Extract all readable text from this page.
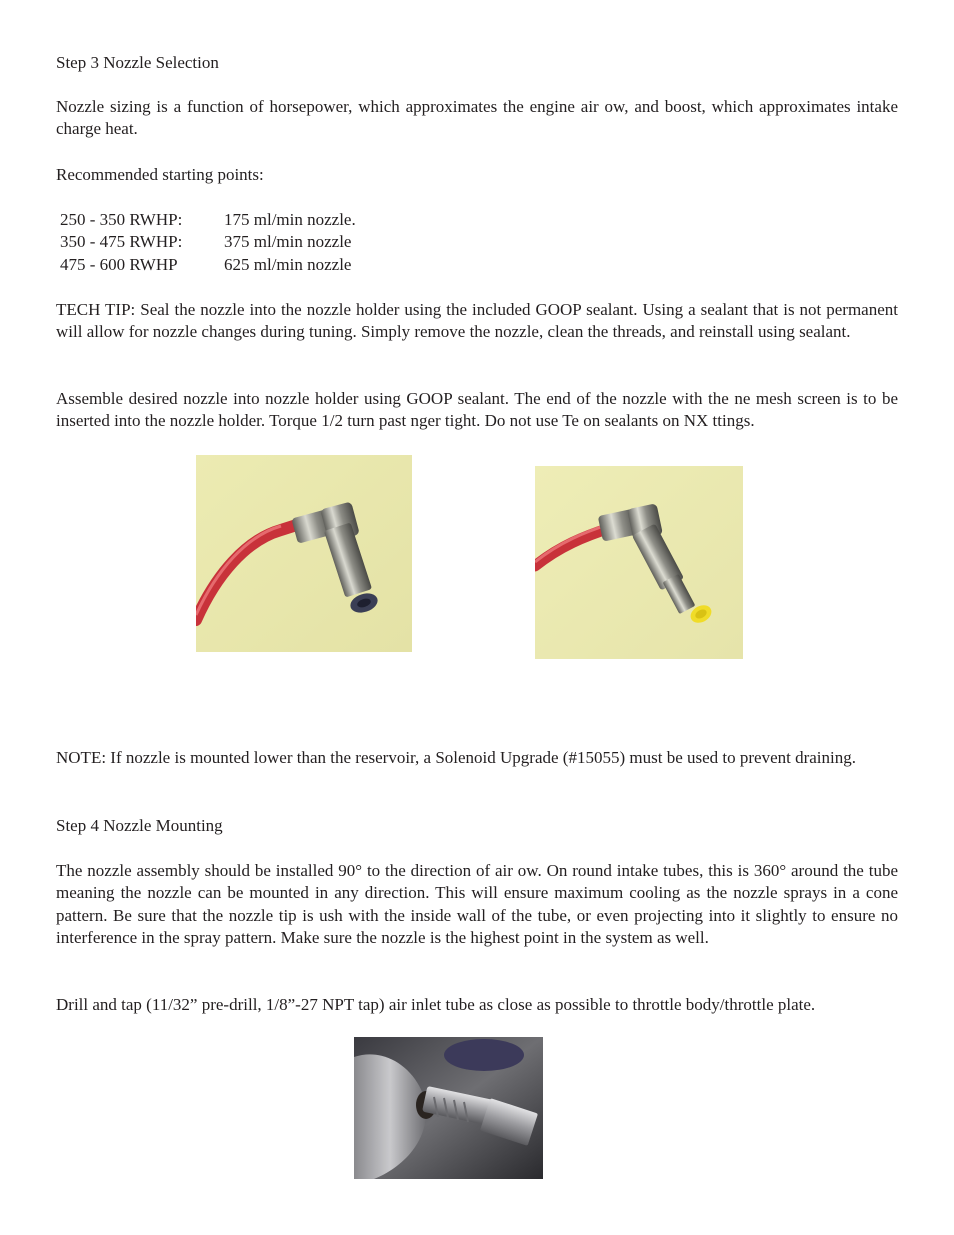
Step 3 Nozzle Selection

Nozzle sizing is a function of horsepower, which approximates the engine air ow, and boost, which approximates intake charge heat.

Recommended starting points:

250 - 350 RWHP: 175 ml/min nozzle.
350 - 475 RWHP: 375 ml/min nozzle
475 - 600 RWHP	625 ml/min nozzle

TECH TIP: Seal the nozzle into the nozzle holder using the included GOOP sealant. Using a sealant that is not permanent will allow for nozzle changes during tuning. Simply remove the nozzle, clean the threads, and reinstall using sealant.

Assemble desired nozzle into nozzle holder using GOOP sealant. The end of the nozzle with the ne mesh screen is to be inserted into the nozzle holder. Torque 1/2 turn past nger tight. Do not use Te on sealants on NX ttings.

NOTE: If nozzle is mounted lower than the reservoir, a Solenoid Upgrade (#15055) must be used to prevent draining.

Step 4 Nozzle Mounting

The nozzle assembly should be installed 90° to the direction of air ow. On round intake tubes, this is 360° around the tube meaning the nozzle can be mounted in any direction. This will ensure maximum cooling as the nozzle sprays in a cone pattern. Be sure that the nozzle tip is ush with the inside wall of the tube, or even projecting into it slightly to ensure no interference in the spray pattern. Make sure the nozzle is the highest point in the system as well.

Drill and tap (11/32” pre-drill, 1/8”-27 NPT tap) air inlet tube as close as possible to throttle body/throttle plate.
